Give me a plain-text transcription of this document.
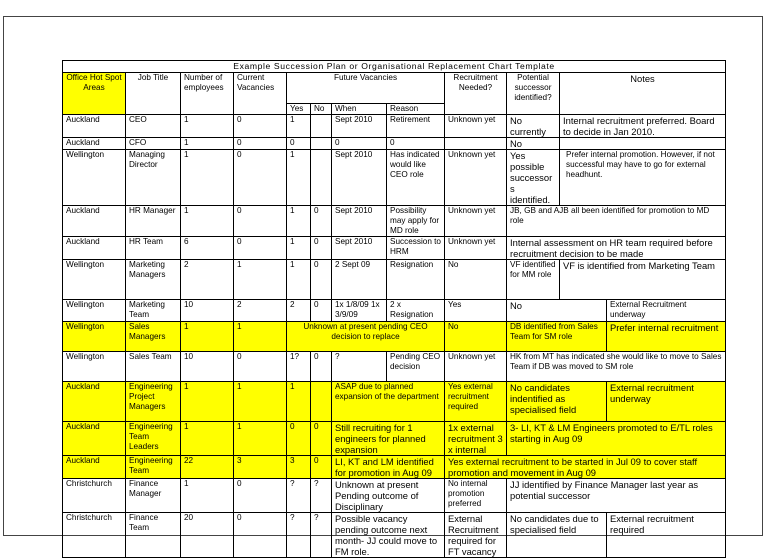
Example Succession Plan or Organisational Replacement Chart Template											
Office Hot Spot Areas	Job Title	Number of employees	Current Vacancies	Future Vacancies				Recruitment Needed?	Potential successor identified?	Notes	
				Yes	No	When	Reason				
Auckland	CEO	1	0	1		Sept 2010	Retirement	Unknown yet	No currently	Internal recruitment preferred. Board to decide in Jan 2010.	
Auckland	CFO	1	0	0		0	0		No		
Wellington	Managing Director	1	0	1		Sept 2010	Has indicated would like CEO role	Unknown yet	Yes possible successors identified.	Prefer internal promotion. However, if not successful may have to go for external headhunt.	
Auckland	HR Manager	1	0	1	0	Sept 2010	Possibility may apply for MD role	Unknown yet	JB, GB and AJB all been identified for promotion to MD role		
Auckland	HR Team	6	0	1	0	Sept 2010	Succession to HRM	Unknown yet	Internal assessment on HR team required before recruitment decision to be made		
Wellington	Marketing Managers	2	1	1	0	2 Sept 09	Resignation	No	VF identified for MM role	VF is identified from Marketing Team	
Wellington	Marketing Team	10	2	2	0	1x 1/8/09 1x 3/9/09	2 x Resignation	Yes	No		External Recruitment underway
Wellington	Sales Managers	1	1	Unknown at present pending CEO decision to replace				No	DB identified from Sales Team for SM role		Prefer internal recruitment
Wellington	Sales Team	10	0	1?	0	?	Pending CEO decision	Unknown yet	HK from MT has indicated she would like to move to Sales Team if DB was moved to SM role		
Auckland	Engineering Project Managers	1	1	1		ASAP due to planned expansion of the department		Yes external recruitment required	No candidates indentified as specialised field		External recruitment underway
Auckland	Engineering Team Leaders	1	1	0	0	Still recruiting for 1 engineers for planned expansion		1x external recruitment 3 x internal	3- LI, KT & LM Engineers promoted to E/TL roles starting in Aug 09		
Auckland	Engineering Team	22	3	3	0	LI, KT and LM identified for promotion in Aug 09		Yes external recruitment to be started in Jul 09 to cover staff promotion and movement in Aug 09			
Christchurch	Finance Manager	1	0	?	?	Unknown at present Pending outcome of Disciplinary		No internal promotion preferred	JJ identified by Finance Manager last year as potential successor		
Christchurch	Finance Team	20	0	?	?	Possible vacancy pending outcome next month- JJ could move to FM role.		External Recruitment required for FT vacancy	No candidates due to specialised field		External recruitment required
